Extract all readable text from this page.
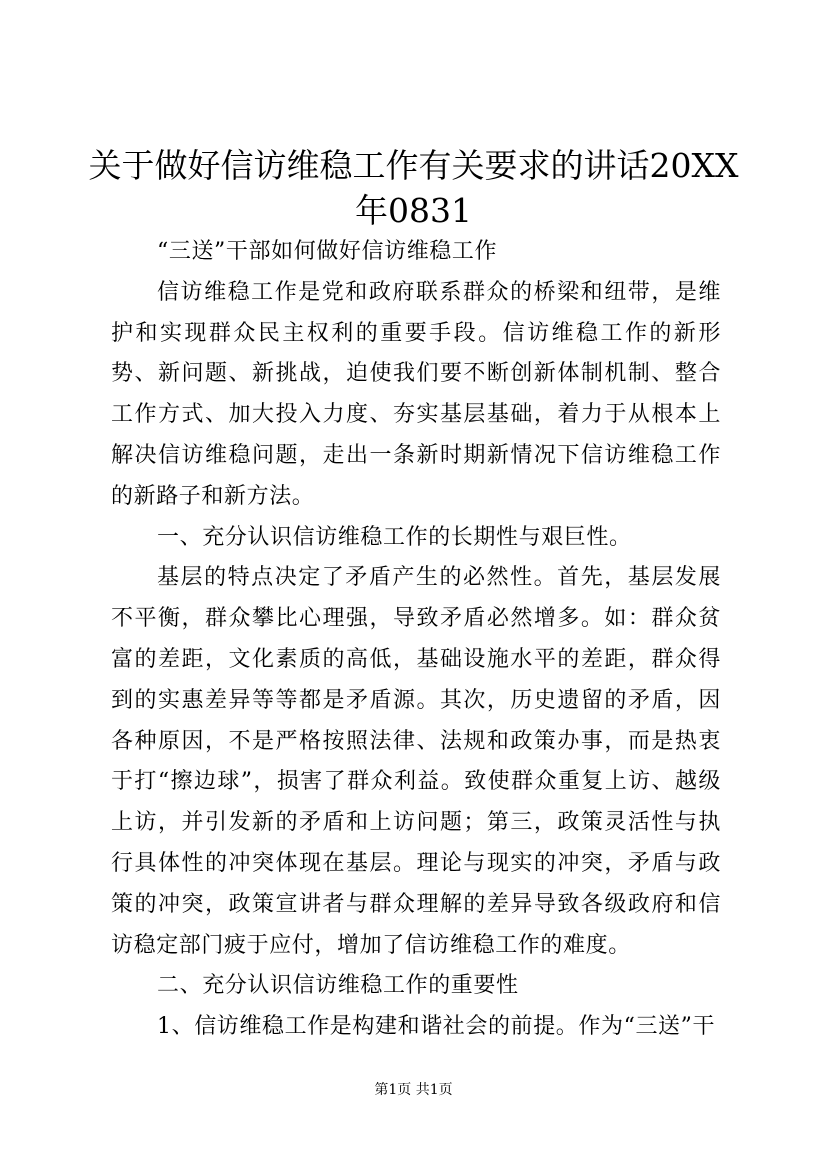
关于做好信访维稳工作有关要求的讲话20XX
年0831

“三送”干部如何做好信访维稳工作

信访维稳工作是党和政府联系群众的桥梁和纽带，是维护和实现群众民主权利的重要手段。信访维稳工作的新形势、新问题、新挑战，迫使我们要不断创新体制机制、整合工作方式、加大投入力度、夯实基层基础，着力于从根本上解决信访维稳问题，走出一条新时期新情况下信访维稳工作的新路子和新方法。

一、充分认识信访维稳工作的长期性与艰巨性。

基层的特点决定了矛盾产生的必然性。首先，基层发展不平衡，群众攀比心理强，导致矛盾必然增多。如：群众贫富的差距，文化素质的高低，基础设施水平的差距，群众得到的实惠差异等等都是矛盾源。其次，历史遗留的矛盾，因各种原因，不是严格按照法律、法规和政策办事，而是热衷于打“擦边球”，损害了群众利益。致使群众重复上访、越级上访，并引发新的矛盾和上访问题；第三，政策灵活性与执行具体性的冲突体现在基层。理论与现实的冲突，矛盾与政策的冲突，政策宣讲者与群众理解的差异导致各级政府和信访稳定部门疲于应付，增加了信访维稳工作的难度。

二、充分认识信访维稳工作的重要性

1、信访维稳工作是构建和谐社会的前提。作为“三送”干

第1页 共1页
